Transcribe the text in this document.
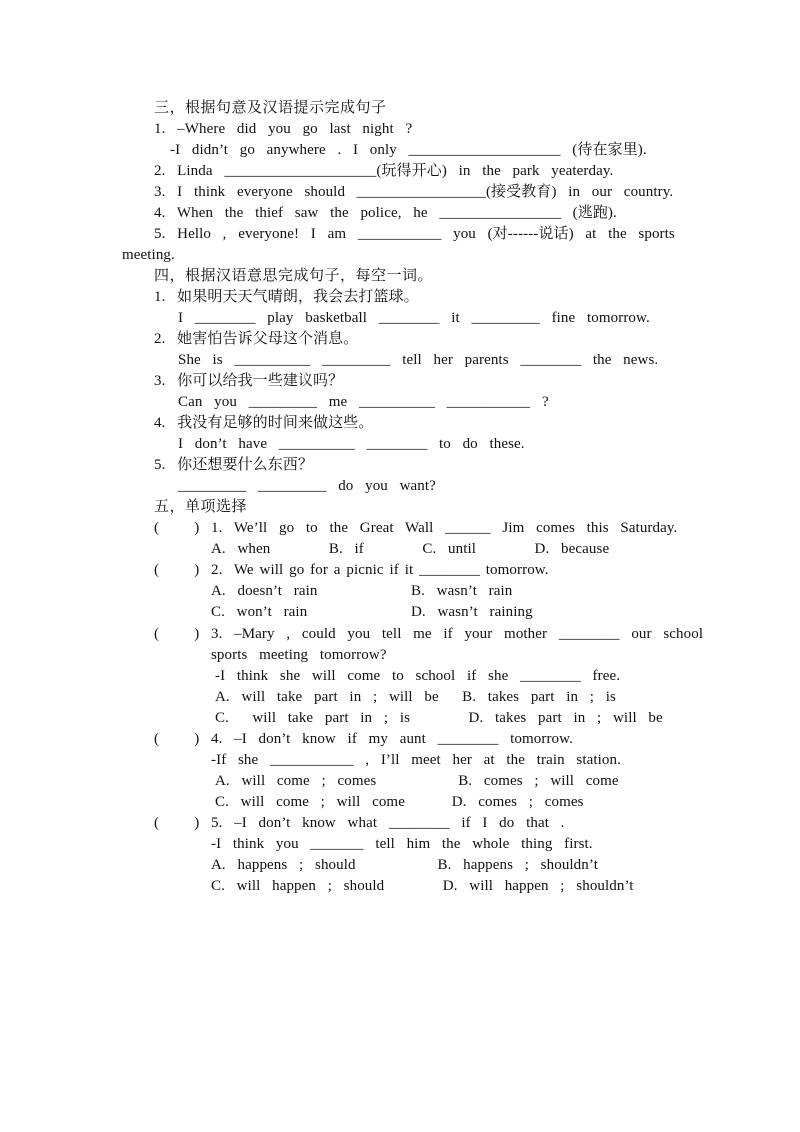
三，根据句意及汉语提示完成句子
1.  –Where  did  you  go  last  night  ?
-I  didn’t  go  anywhere  .  I  only  ____________________  (待在家里).
2.  Linda  ____________________(玩得开心)  in  the  park  yeaterday.
3.  I  think  everyone  should  _________________(接受教育)  in  our  country.
4.  When  the  thief  saw  the  police,  he  ________________  (逃跑).
5.  Hello  ,  everyone!  I  am  ___________  you  (对------说话)  at  the  sports
meeting.
四，根据汉语意思完成句子，每空一词。
1.  如果明天天气晴朗，我会去打篮球。
I  ________  play  basketball  ________  it  _________  fine  tomorrow.
2.  她害怕告诉父母这个消息。
She  is  __________  _________  tell  her  parents  ________  the  news.
3.  你可以给我一些建议吗？
Can  you  _________  me  __________  ___________  ?
4.  我没有足够的时间来做这些。
I  don’t  have  __________  ________  to  do  these.
5.  你还想要什么东西？
_________  _________  do  you  want?
五，单项选择
(      )  1.  We’ll  go  to  the  Great  Wall  ______  Jim  comes  this  Saturday.
A.  when          B.  if          C.  until          D.  because
(      )  2.  We will go for a picnic if it ________ tomorrow.
A.  doesn’t  rain	B.  wasn’t  rain
C.  won’t  rain	D.  wasn’t  raining
(      )  3.  –Mary  ,  could  you  tell  me  if  your  mother  ________  our  school
sports  meeting  tomorrow?
-I  think  she  will  come  to  school  if  she  ________  free.
A.  will  take  part  in  ;  will  be    B.  takes  part  in  ;  is
C.    will  take  part  in  ;  is          D.  takes  part  in  ;  will  be
(      )  4.  –I  don’t  know  if  my  aunt  ________  tomorrow.
-If  she  ___________  ,  I’ll  meet  her  at  the  train  station.
A.  will  come  ;  comes              B.  comes  ;  will  come
C.  will  come  ;  will  come        D.  comes  ;  comes
(      )  5.  –I  don’t  know  what  ________  if  I  do  that  .
-I  think  you  _______  tell  him  the  whole  thing  first.
A.  happens  ;  should              B.  happens  ;  shouldn’t
C.  will  happen  ;  should          D.  will  happen  ;  shouldn’t
